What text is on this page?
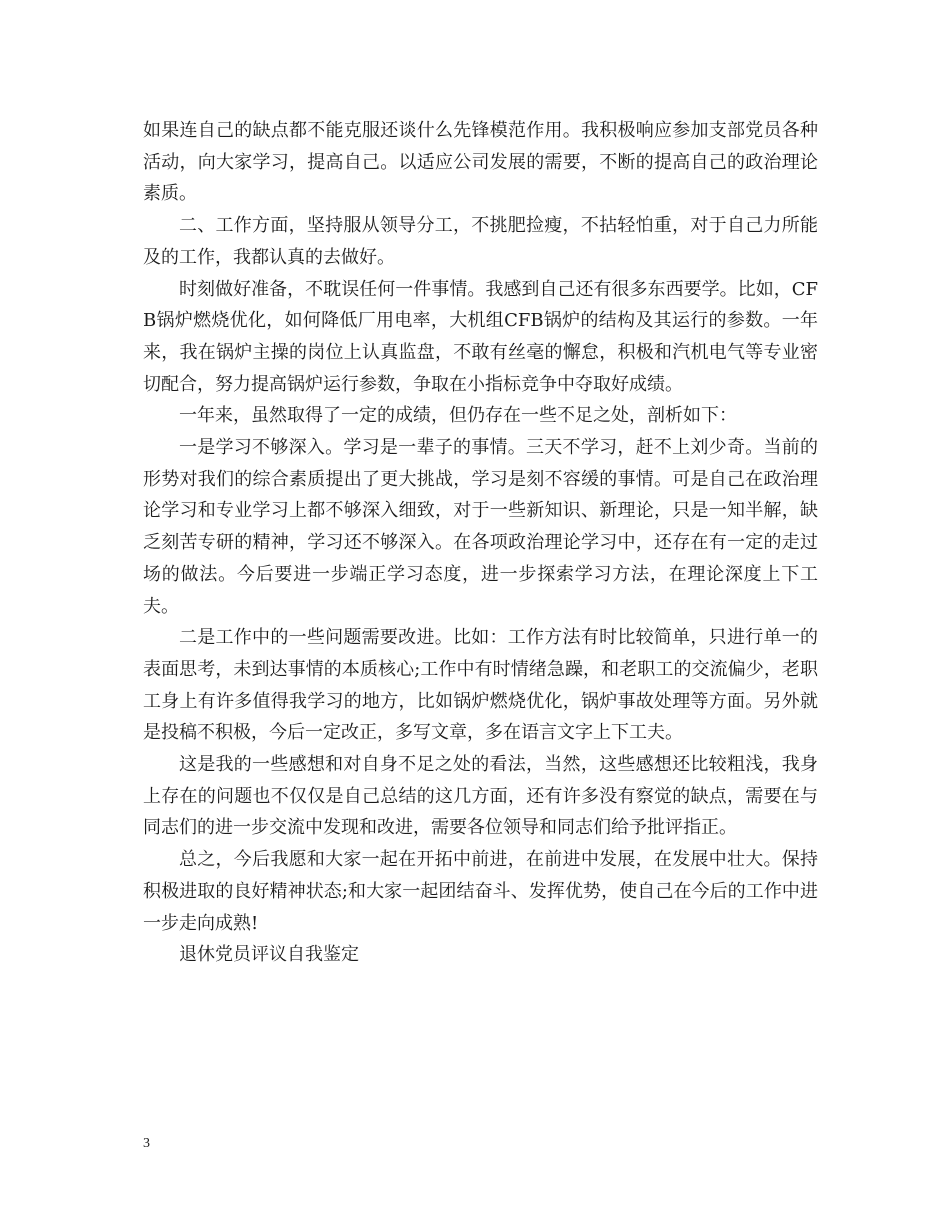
如果连自己的缺点都不能克服还谈什么先锋模范作用。我积极响应参加支部党员各种活动，向大家学习，提高自己。以适应公司发展的需要，不断的提高自己的政治理论素质。

二、工作方面，坚持服从领导分工，不挑肥捡瘦，不拈轻怕重，对于自己力所能及的工作，我都认真的去做好。

时刻做好准备，不耽误任何一件事情。我感到自己还有很多东西要学。比如，CFB锅炉燃烧优化，如何降低厂用电率，大机组CFB锅炉的结构及其运行的参数。一年来，我在锅炉主操的岗位上认真监盘，不敢有丝毫的懈怠，积极和汽机电气等专业密切配合，努力提高锅炉运行参数，争取在小指标竞争中夺取好成绩。

一年来，虽然取得了一定的成绩，但仍存在一些不足之处，剖析如下：

一是学习不够深入。学习是一辈子的事情。三天不学习，赶不上刘少奇。当前的形势对我们的综合素质提出了更大挑战，学习是刻不容缓的事情。可是自己在政治理论学习和专业学习上都不够深入细致，对于一些新知识、新理论，只是一知半解，缺乏刻苦专研的精神，学习还不够深入。在各项政治理论学习中，还存在有一定的走过场的做法。今后要进一步端正学习态度，进一步探索学习方法，在理论深度上下工夫。

二是工作中的一些问题需要改进。比如：工作方法有时比较简单，只进行单一的表面思考，未到达事情的本质核心;工作中有时情绪急躁，和老职工的交流偏少，老职工身上有许多值得我学习的地方，比如锅炉燃烧优化，锅炉事故处理等方面。另外就是投稿不积极，今后一定改正，多写文章，多在语言文字上下工夫。

这是我的一些感想和对自身不足之处的看法，当然，这些感想还比较粗浅，我身上存在的问题也不仅仅是自己总结的这几方面，还有许多没有察觉的缺点，需要在与同志们的进一步交流中发现和改进，需要各位领导和同志们给予批评指正。

总之，今后我愿和大家一起在开拓中前进，在前进中发展，在发展中壮大。保持积极进取的良好精神状态;和大家一起团结奋斗、发挥优势，使自己在今后的工作中进一步走向成熟!

退休党员评议自我鉴定

3
